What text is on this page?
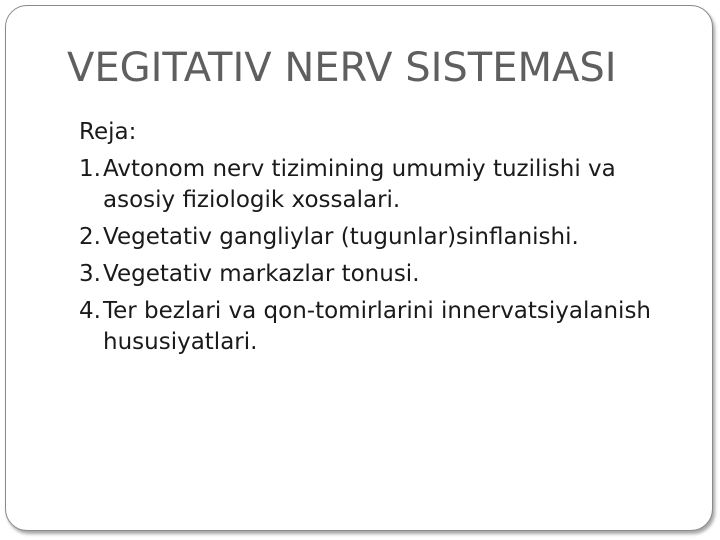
VEGITATIV NERV SISTEMASI

Reja:

1. Avtonom nerv tizimining umumiy tuzilishi va asosiy fiziologik xossalari.
2. Vegetativ gangliylar (tugunlar)sinflanishi.
3. Vegetativ markazlar tonusi.
4. Ter bezlari va qon-tomirlarini innervatsiyalanish hususiyatlari.
